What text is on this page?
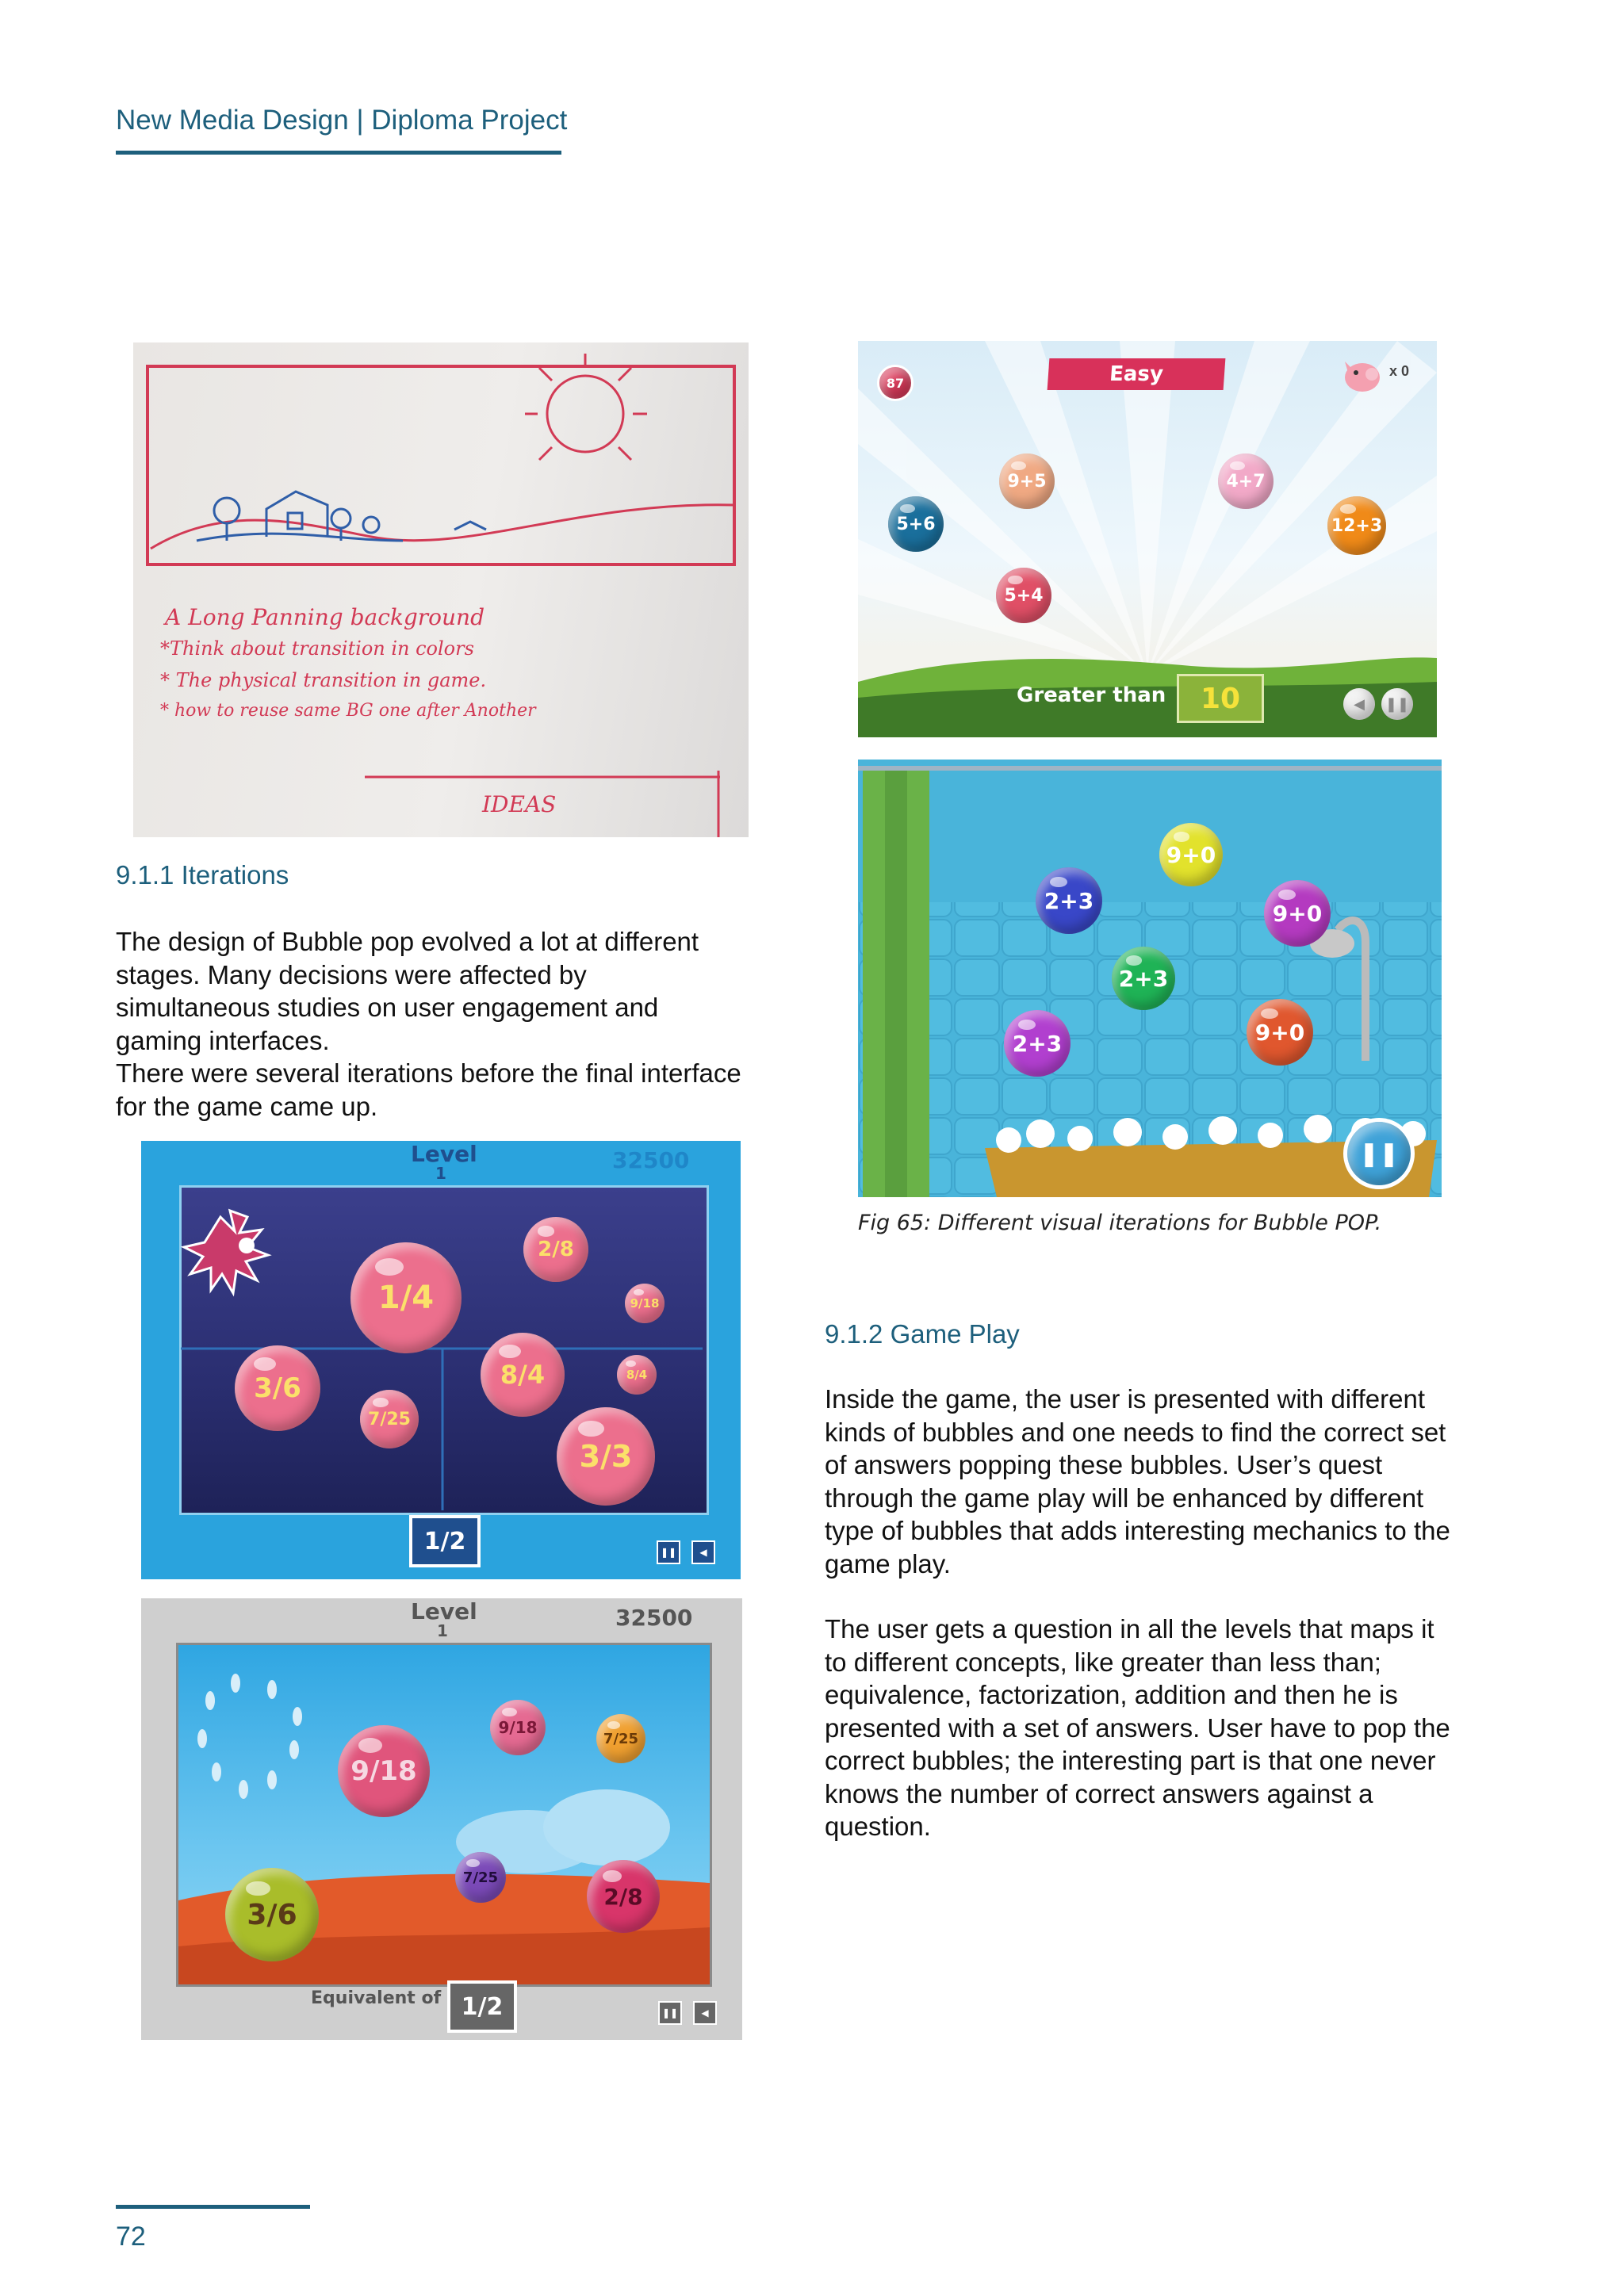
New Media Design | Diploma Project
A Long Panning background
*Think about transition in colors
* The physical transition in game.
* how to reuse same BG one after Another
IDEAS
9.1.1 Iterations

The design of Bubble pop evolved a lot at different stages. Many decisions were affected by simultaneous studies on user engagement and gaming interfaces.

There were several iterations before the final interface for the game came up.

87	Easy	x 0
9+5	4+7
5+6	12+3
5+4
Greater than	10	◀	❚❚
9+0
2+3	9+0
2+3
2+3	9+0
❚❚
Fig 65: Different visual iterations for Bubble POP.
Level
1	32500
2/8
1/4	9/18
3/6	8/4	8/4
7/25
3/3
1/2	❚❚	◀
Level
1	32500
9/18
9/18
7/25
7/25
2/8
3/6
Equivalent of 1/2	❚❚	◀
9.1.2 Game Play

Inside the game, the user is presented with different kinds of bubbles and one needs to find the correct set of answers popping these bubbles. User’s quest through the game play will be enhanced by different type of bubbles that adds interesting mechanics to the game play.

The user gets a question in all the levels that maps it to different concepts, like greater than less than; equivalence, factorization, addition and then he is presented with a set of answers. User have to pop the correct bubbles; the interesting part is that one never knows the number of correct answers against a question.

72
